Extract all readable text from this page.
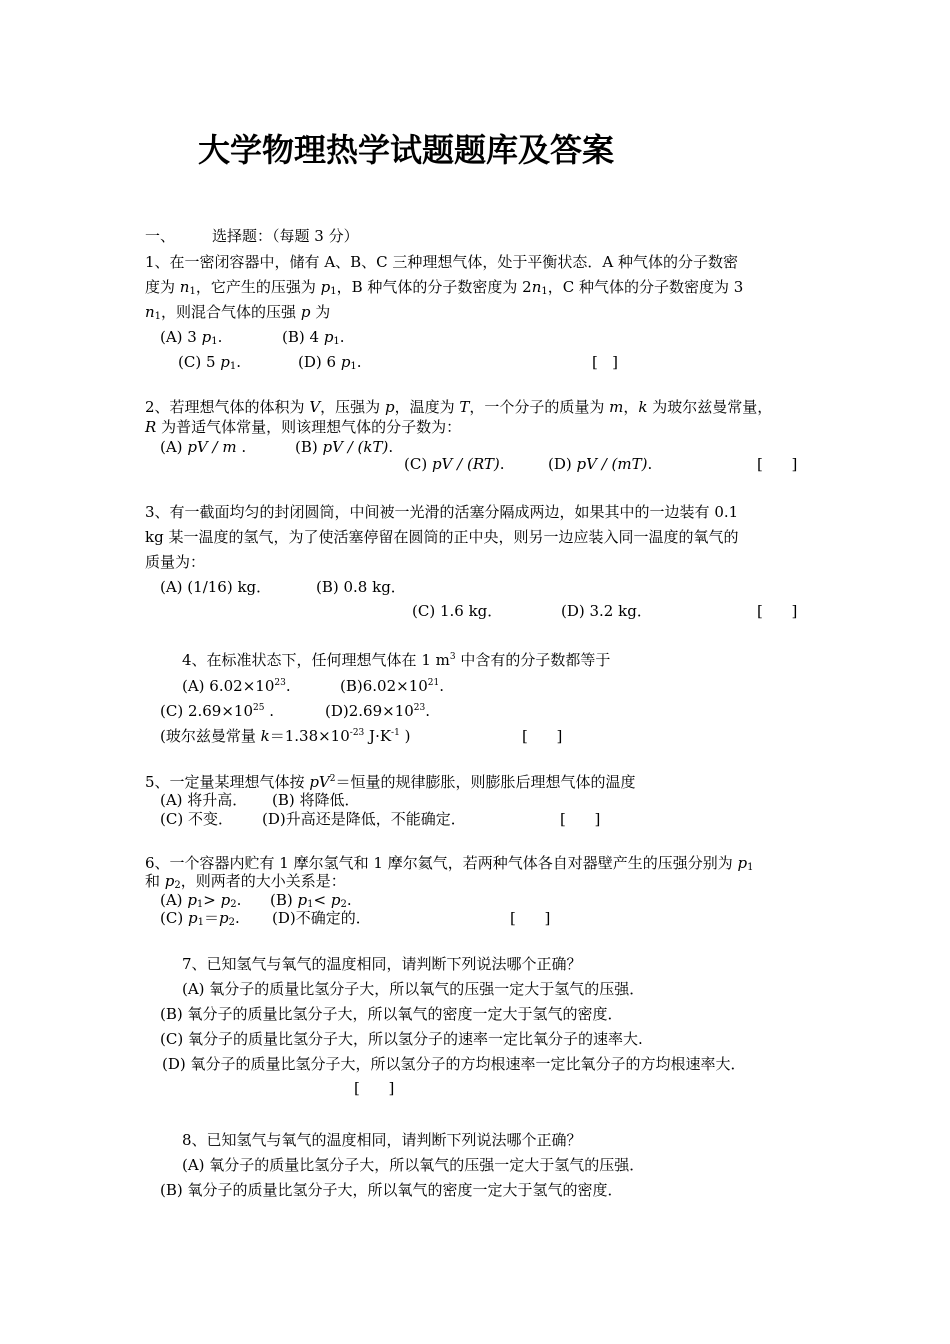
大学物理热学试题题库及答案
一、 选择题：（每题 3 分）
1、在一密闭容器中，储有 A、B、C 三种理想气体，处于平衡状态．A 种气体的分子数密
度为 $n_1$，它产生的压强为 $p_1$，B 种气体的分子数密度为 $2n_1$，C 种气体的分子数密度为 3
$n_1$，则混合气体的压强 p 为
(A) 3 $p_1$.	(B) 4 $p_1$.
(C) 5 $p_1$.	(D) 6 $p_1$.	[   ]
2、若理想气体的体积为 V，压强为 p，温度为 T，一个分子的质量为 m，k 为玻尔兹曼常量，
R 为普适气体常量，则该理想气体的分子数为：
(A) pV / m .	(B) pV / (kT).
(C) pV / (RT).	(D) pV / (mT).	[      ]
3、有一截面均匀的封闭圆筒，中间被一光滑的活塞分隔成两边，如果其中的一边装有 0.1
kg 某一温度的氢气，为了使活塞停留在圆筒的正中央，则另一边应装入同一温度的氧气的
质量为：
(A) (1/16) kg．	(B) 0.8 kg．
(C) 1.6 kg．	(D) 3.2 kg．	[      ]
4、在标准状态下，任何理想气体在 1 $m^3$ 中含有的分子数都等于
(A) $6.02\times 10^{23}$.	$(B)6.02\times 10^{21}$.
(C) $2.69\times 10^{25}$ .	$(D)2.69\times 10^{23}$.
(玻尔兹曼常量 $k=1.38\times 10^{-23}$ $J\cdot K^{-1}$ )	[      ]
5、一定量某理想气体按 $pV^2=$恒量的规律膨胀，则膨胀后理想气体的温度
(A) 将升高． (B) 将降低．
(C) 不变． (D)升高还是降低，不能确定．	[      ]
6、一个容器内贮有 1 摩尔氢气和 1 摩尔氦气，若两种气体各自对器壁产生的压强分别为 $p_1$
和 $p_2$，则两者的大小关系是：
(A) $p_1> p_2$. (B) $p_1< p_2$.
(C) $p_1=p_2$. (D)不确定的．	[      ]
7、已知氢气与氧气的温度相同，请判断下列说法哪个正确？
(A) 氧分子的质量比氢分子大，所以氧气的压强一定大于氢气的压强．
(B) 氧分子的质量比氢分子大，所以氧气的密度一定大于氢气的密度．
(C) 氧分子的质量比氢分子大，所以氢分子的速率一定比氧分子的速率大.
(D) 氧分子的质量比氢分子大，所以氢分子的方均根速率一定比氧分子的方均根速率大．
[      ]
8、已知氢气与氧气的温度相同，请判断下列说法哪个正确？
(A) 氧分子的质量比氢分子大，所以氧气的压强一定大于氢气的压强．
(B) 氧分子的质量比氢分子大，所以氧气的密度一定大于氢气的密度．
